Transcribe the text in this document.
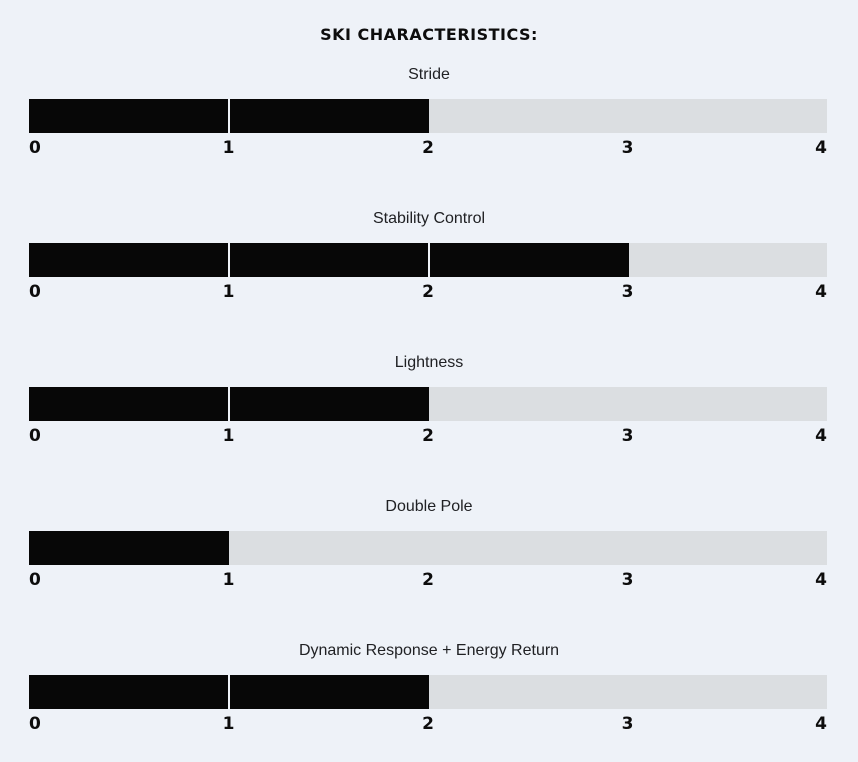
SKI CHARACTERISTICS:
Stride
0	1	2	3	4
Stability Control
0	1	2	3	4
Lightness
0	1	2	3	4
Double Pole
0	1	2	3	4
Dynamic Response + Energy Return
0	1	2	3	4
